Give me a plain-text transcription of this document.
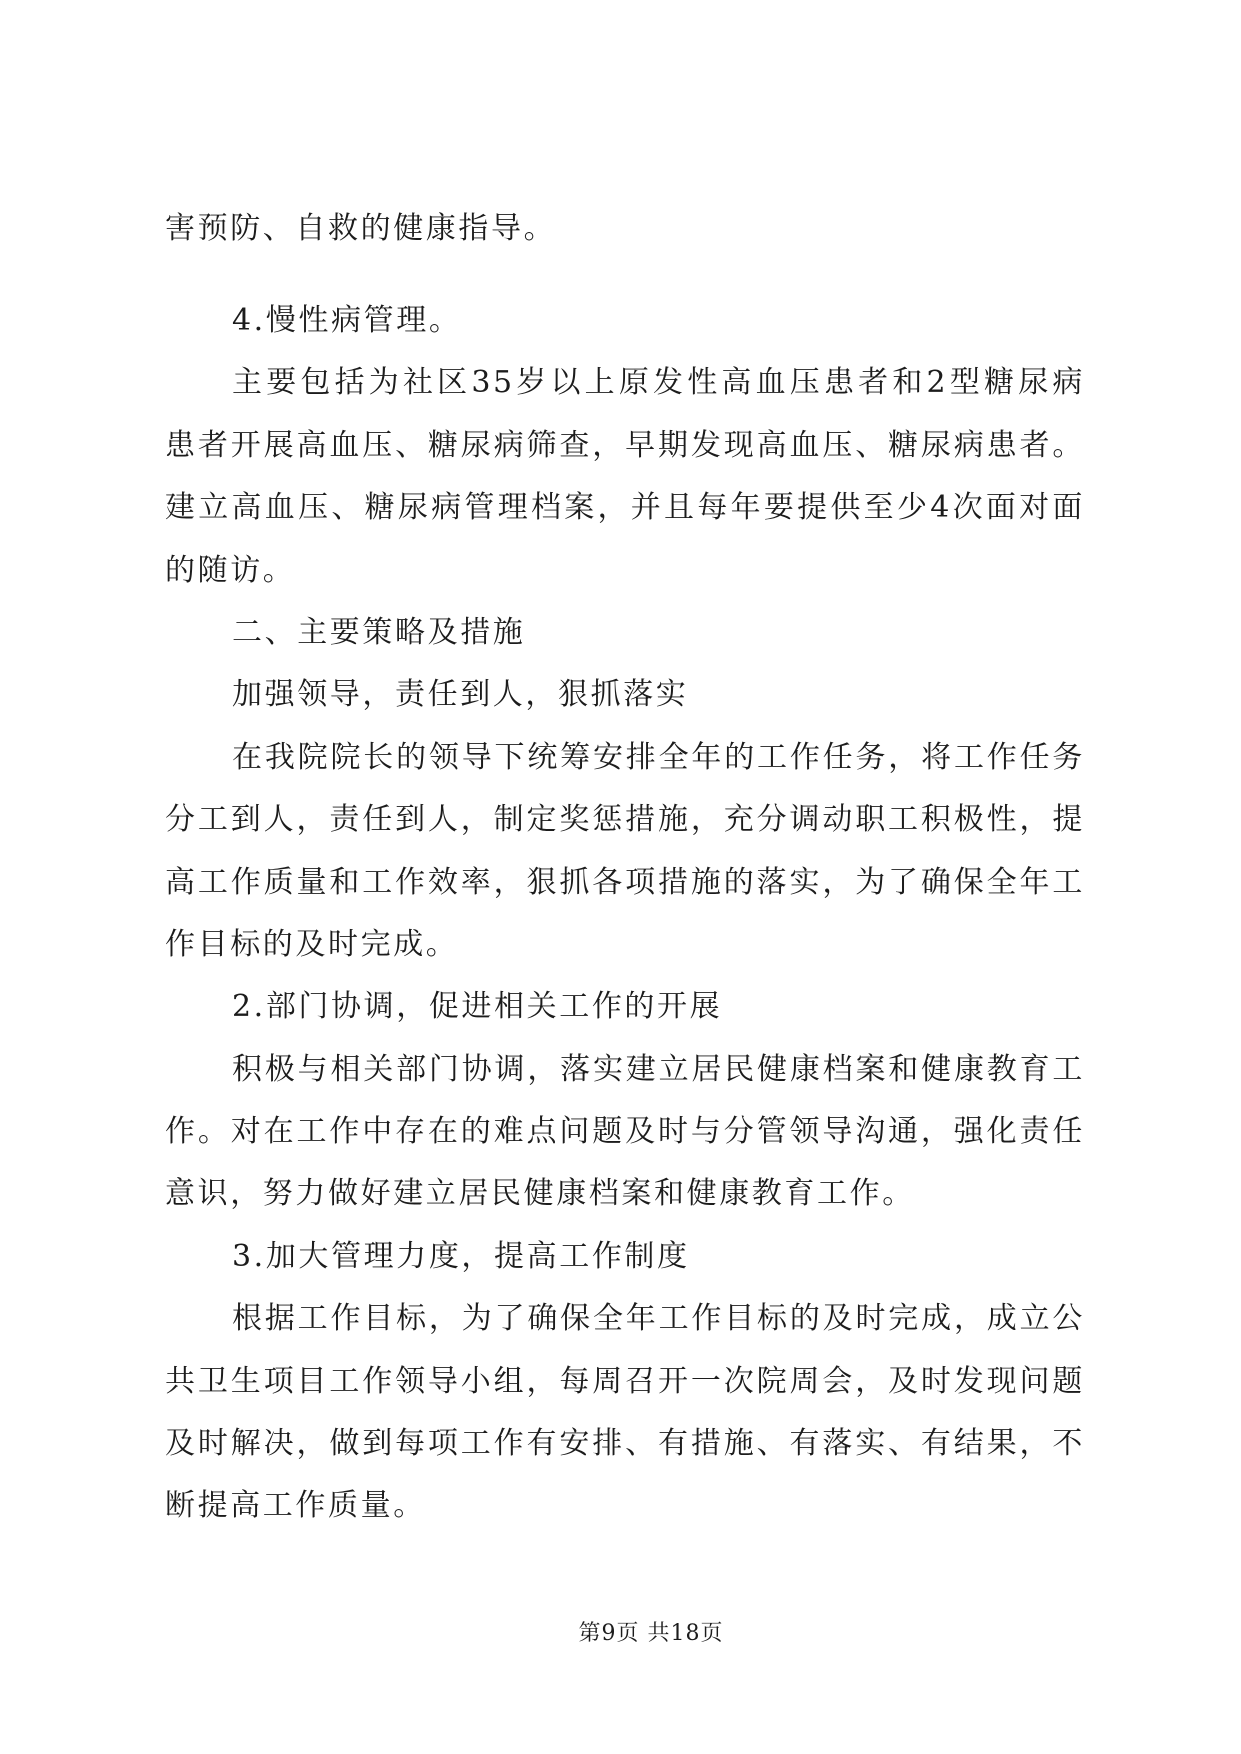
害预防、自救的健康指导。
4.慢性病管理。
主要包括为社区35岁以上原发性高血压患者和2型糖尿病
患者开展高血压、糖尿病筛查，早期发现高血压、糖尿病患者。
建立高血压、糖尿病管理档案，并且每年要提供至少4次面对面
的随访。
二、主要策略及措施
加强领导，责任到人，狠抓落实
在我院院长的领导下统筹安排全年的工作任务，将工作任务
分工到人，责任到人，制定奖惩措施，充分调动职工积极性，提
高工作质量和工作效率，狠抓各项措施的落实，为了确保全年工
作目标的及时完成。
2.部门协调，促进相关工作的开展
积极与相关部门协调，落实建立居民健康档案和健康教育工
作。对在工作中存在的难点问题及时与分管领导沟通，强化责任
意识，努力做好建立居民健康档案和健康教育工作。
3.加大管理力度，提高工作制度
根据工作目标，为了确保全年工作目标的及时完成，成立公
共卫生项目工作领导小组，每周召开一次院周会，及时发现问题
及时解决，做到每项工作有安排、有措施、有落实、有结果，不
断提高工作质量。
第9页 共18页
